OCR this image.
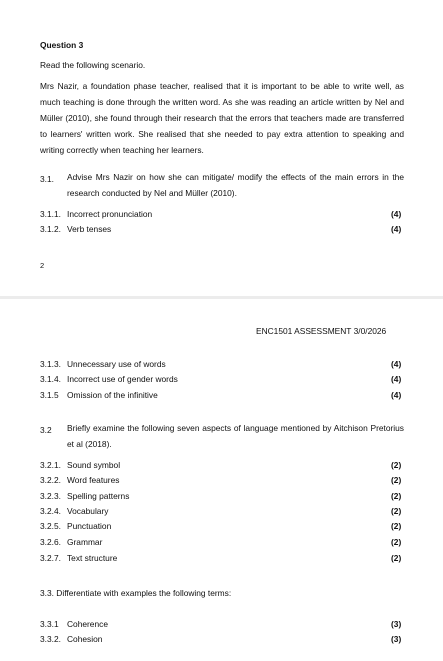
Question 3
Read the following scenario.
Mrs Nazir, a foundation phase teacher, realised that it is important to be able to write well, as much teaching is done through the written word. As she was reading an article written by Nel and Müller (2010), she found through their research that the errors that teachers made are transferred to learners' written work. She realised that she needed to pay extra attention to speaking and writing correctly when teaching her learners.
3.1. Advise Mrs Nazir on how she can mitigate/ modify the effects of the main errors in the research conducted by Nel and Müller (2010).
3.1.1. Incorrect pronunciation	(4)
3.1.2. Verb tenses	(4)
2
ENC1501 ASSESSMENT 3/0/2026
3.1.3. Unnecessary use of words	(4)
3.1.4. Incorrect use of gender words	(4)
3.1.5 Omission of the infinitive	(4)
3.2 Briefly examine the following seven aspects of language mentioned by Aitchison Pretorius et al (2018).
3.2.1. Sound symbol	(2)
3.2.2. Word features	(2)
3.2.3. Spelling patterns	(2)
3.2.4. Vocabulary	(2)
3.2.5. Punctuation	(2)
3.2.6. Grammar	(2)
3.2.7. Text structure	(2)
3.3. Differentiate with examples the following terms:
3.3.1 Coherence	(3)
3.3.2. Cohesion	(3)
